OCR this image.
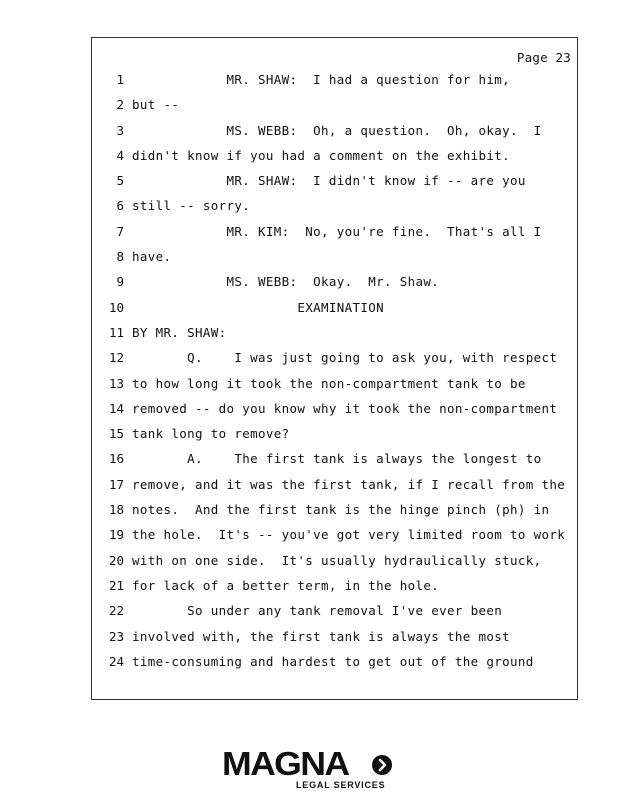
Page 23
1 MR. SHAW:  I had a question for him,
2 but --
3 MS. WEBB:  Oh, a question.  Oh, okay.  I
4 didn't know if you had a comment on the exhibit.
5 MR. SHAW:  I didn't know if -- are you
6 still -- sorry.
7 MR. KIM:  No, you're fine.  That's all I
8 have.
9 MS. WEBB:  Okay.  Mr. Shaw.
10 EXAMINATION
11 BY MR. SHAW:
12 Q.    I was just going to ask you, with respect
13 to how long it took the non-compartment tank to be
14 removed -- do you know why it took the non-compartment
15 tank long to remove?
16 A.    The first tank is always the longest to
17 remove, and it was the first tank, if I recall from the
18 notes.  And the first tank is the hinge pinch (ph) in
19 the hole.  It's -- you've got very limited room to work
20 with on one side.  It's usually hydraulically stuck,
21 for lack of a better term, in the hole.
22 So under any tank removal I've ever been
23 involved with, the first tank is always the most
24 time-consuming and hardest to get out of the ground
MAGNA
LEGAL SERVICES
